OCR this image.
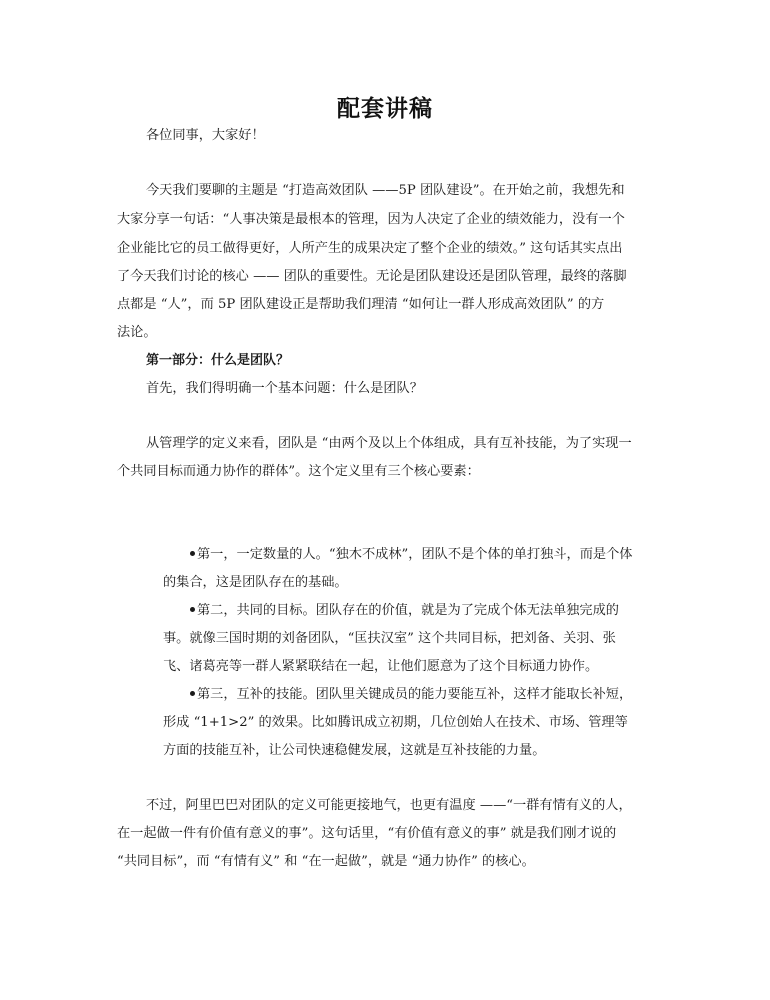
配套讲稿

各位同事，大家好！

今天我们要聊的主题是 “打造高效团队 ——5P 团队建设”。在开始之前，我想先和

大家分享一句话：“人事决策是最根本的管理，因为人决定了企业的绩效能力，没有一个

企业能比它的员工做得更好，人所产生的成果决定了整个企业的绩效。” 这句话其实点出

了今天我们讨论的核心 —— 团队的重要性。无论是团队建设还是团队管理，最终的落脚

点都是 “人”，而 5P 团队建设正是帮助我们理清 “如何让一群人形成高效团队” 的方

法论。

第一部分：什么是团队？

首先，我们得明确一个基本问题：什么是团队？

从管理学的定义来看，团队是 “由两个及以上个体组成，具有互补技能，为了实现一

个共同目标而通力协作的群体”。这个定义里有三个核心要素：

第一，一定数量的人。“独木不成林”，团队不是个体的单打独斗，而是个体

的集合，这是团队存在的基础。

第二，共同的目标。团队存在的价值，就是为了完成个体无法单独完成的

事。就像三国时期的刘备团队，“匡扶汉室” 这个共同目标，把刘备、关羽、张

飞、诸葛亮等一群人紧紧联结在一起，让他们愿意为了这个目标通力协作。

第三，互补的技能。团队里关键成员的能力要能互补，这样才能取长补短，

形成 “1+1>2” 的效果。比如腾讯成立初期，几位创始人在技术、市场、管理等

方面的技能互补，让公司快速稳健发展，这就是互补技能的力量。

不过，阿里巴巴对团队的定义可能更接地气，也更有温度 ——“一群有情有义的人，

在一起做一件有价值有意义的事”。这句话里，“有价值有意义的事” 就是我们刚才说的

“共同目标”，而 “有情有义” 和 “在一起做”，就是 “通力协作” 的核心。
